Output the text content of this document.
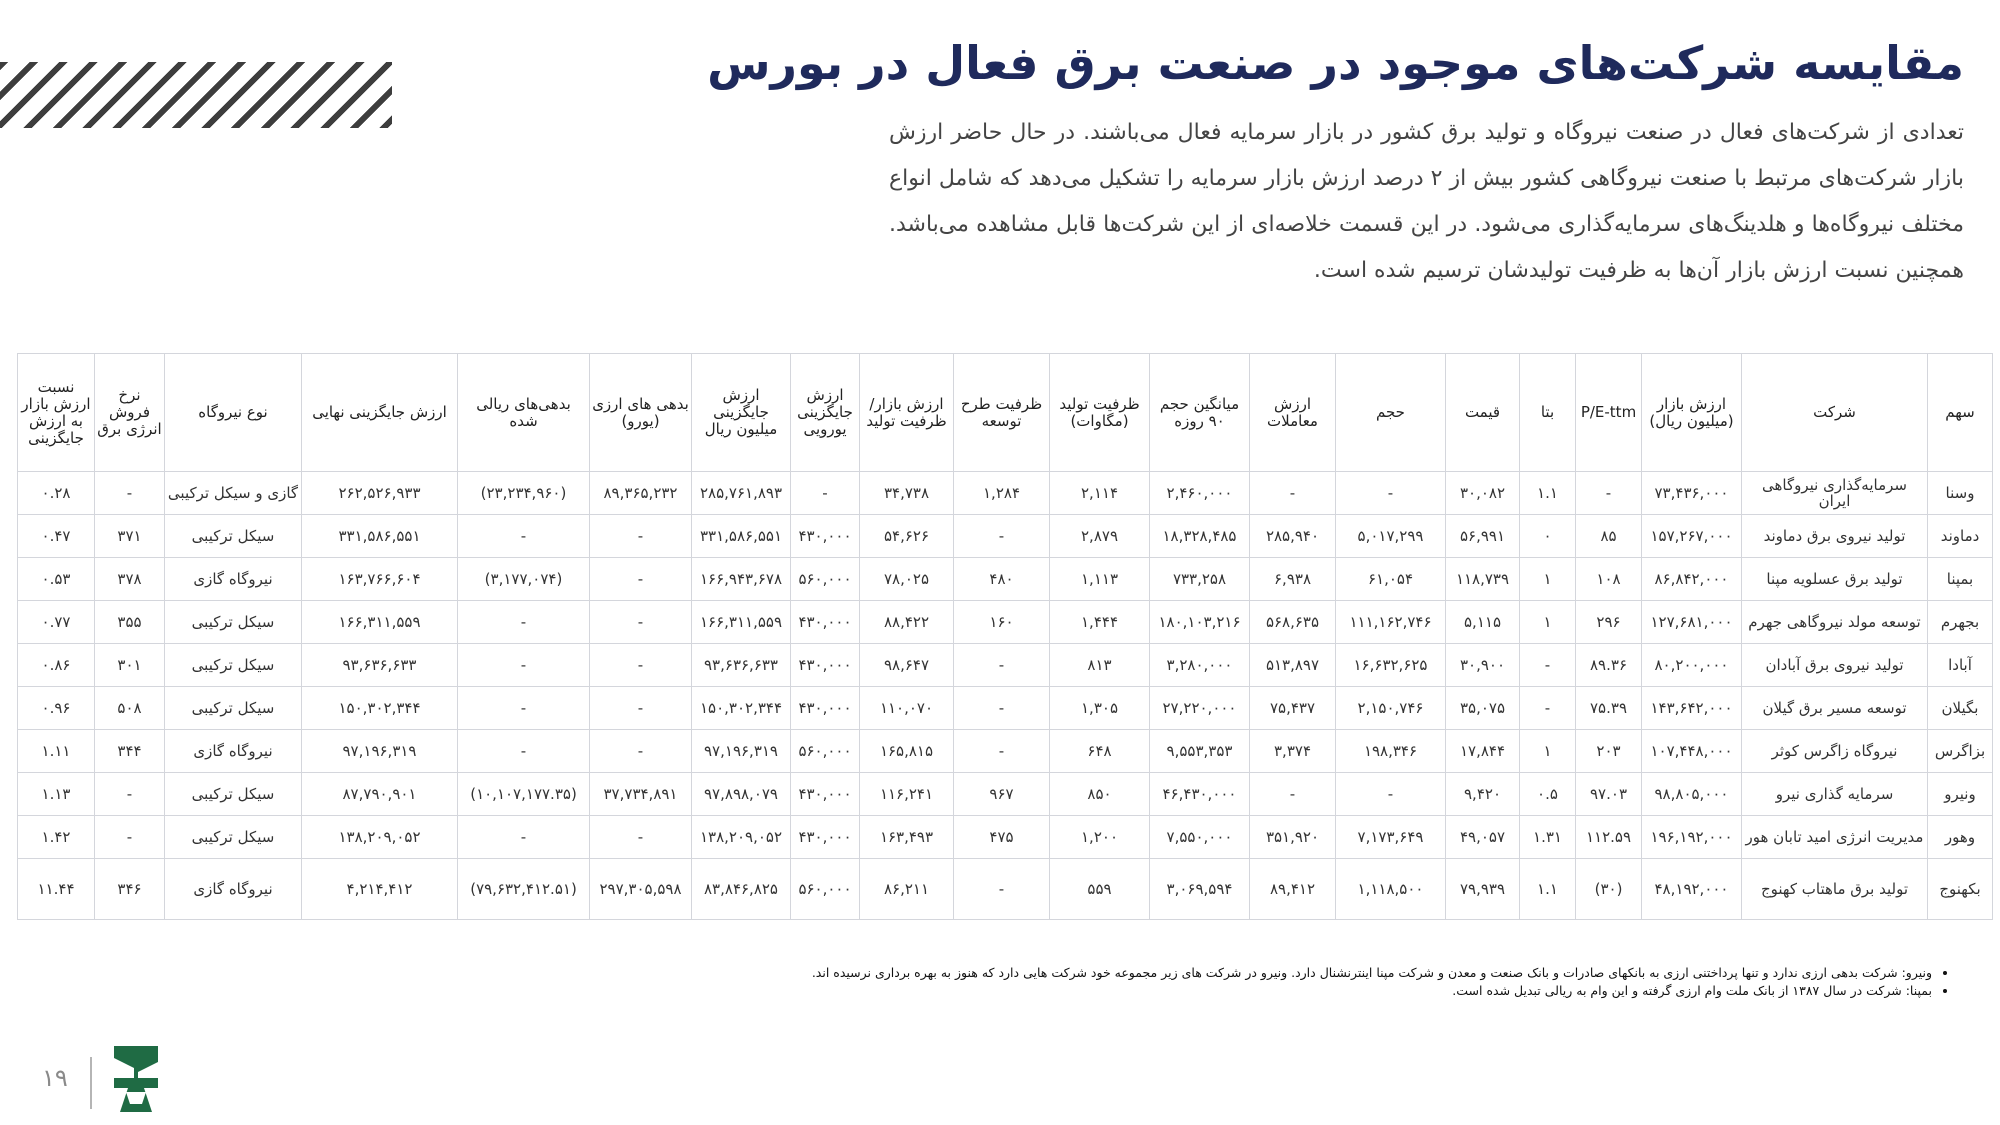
مقایسه شرکت‌های موجود در صنعت برق فعال در بورس

تعدادی از شرکت‌های فعال در صنعت نیروگاه و تولید برق کشور در بازار سرمایه فعال می‌باشند. در حال حاضر ارزش بازار شرکت‌های مرتبط با صنعت نیروگاهی کشور بیش از ۲ درصد ارزش بازار سرمایه را تشکیل می‌دهد که شامل انواع مختلف نیروگاه‌ها و هلدینگ‌های سرمایه‌گذاری می‌شود. در این قسمت خلاصه‌ای از این شرکت‌ها قابل مشاهده می‌باشد. همچنین نسبت ارزش بازار آن‌ها به ظرفیت تولیدشان ترسیم شده است.

سهم	شرکت	ارزش بازار (میلیون ریال)	P/E-ttm	بتا	قیمت	حجم	ارزش معاملات	میانگین حجم ۹۰ روزه	ظرفیت تولید (مگاوات)	ظرفیت طرح توسعه	ارزش بازار/ظرفیت تولید	ارزش جایگزینی یورویی	ارزش جایگزینی میلیون ریال	بدهی های ارزی (یورو)	بدهی‌های ریالی شده	ارزش جایگزینی نهایی	نوع نیروگاه	نرخ فروش انرژی برق	نسبت ارزش بازار به ارزش جایگزینی
وسنا	سرمایه‌گذاری نیروگاهی ایران	۷۳,۴۳۶,۰۰۰	-	۱.۱	۳۰,۰۸۲	-	-	۲,۴۶۰,۰۰۰	۲,۱۱۴	۱,۲۸۴	۳۴,۷۳۸	-	۲۸۵,۷۶۱,۸۹۳	۸۹,۳۶۵,۲۳۲	(۲۳,۲۳۴,۹۶۰)	۲۶۲,۵۲۶,۹۳۳	گازی و سیکل ترکیبی	-	۰.۲۸
دماوند	تولید نیروی برق دماوند	۱۵۷,۲۶۷,۰۰۰	۸۵	۰	۵۶,۹۹۱	۵,۰۱۷,۲۹۹	۲۸۵,۹۴۰	۱۸,۳۲۸,۴۸۵	۲,۸۷۹	-	۵۴,۶۲۶	۴۳۰,۰۰۰	۳۳۱,۵۸۶,۵۵۱	-	-	۳۳۱,۵۸۶,۵۵۱	سیکل ترکیبی	۳۷۱	۰.۴۷
بمپنا	تولید برق عسلویه مپنا	۸۶,۸۴۲,۰۰۰	۱۰۸	۱	۱۱۸,۷۳۹	۶۱,۰۵۴	۶,۹۳۸	۷۳۳,۲۵۸	۱,۱۱۳	۴۸۰	۷۸,۰۲۵	۵۶۰,۰۰۰	۱۶۶,۹۴۳,۶۷۸	-	(۳,۱۷۷,۰۷۴)	۱۶۳,۷۶۶,۶۰۴	نیروگاه گازی	۳۷۸	۰.۵۳
بجهرم	توسعه مولد نیروگاهی جهرم	۱۲۷,۶۸۱,۰۰۰	۲۹۶	۱	۵,۱۱۵	۱۱۱,۱۶۲,۷۴۶	۵۶۸,۶۳۵	۱۸۰,۱۰۳,۲۱۶	۱,۴۴۴	۱۶۰	۸۸,۴۲۲	۴۳۰,۰۰۰	۱۶۶,۳۱۱,۵۵۹	-	-	۱۶۶,۳۱۱,۵۵۹	سیکل ترکیبی	۳۵۵	۰.۷۷
آبادا	تولید نیروی برق آبادان	۸۰,۲۰۰,۰۰۰	۸۹.۳۶	-	۳۰,۹۰۰	۱۶,۶۳۲,۶۲۵	۵۱۳,۸۹۷	۳,۲۸۰,۰۰۰	۸۱۳	-	۹۸,۶۴۷	۴۳۰,۰۰۰	۹۳,۶۳۶,۶۳۳	-	-	۹۳,۶۳۶,۶۳۳	سیکل ترکیبی	۳۰۱	۰.۸۶
بگیلان	توسعه مسیر برق گیلان	۱۴۳,۶۴۲,۰۰۰	۷۵.۳۹	-	۳۵,۰۷۵	۲,۱۵۰,۷۴۶	۷۵,۴۳۷	۲۷,۲۲۰,۰۰۰	۱,۳۰۵	-	۱۱۰,۰۷۰	۴۳۰,۰۰۰	۱۵۰,۳۰۲,۳۴۴	-	-	۱۵۰,۳۰۲,۳۴۴	سیکل ترکیبی	۵۰۸	۰.۹۶
بزاگرس	نیروگاه زاگرس کوثر	۱۰۷,۴۴۸,۰۰۰	۲۰۳	۱	۱۷,۸۴۴	۱۹۸,۳۴۶	۳,۳۷۴	۹,۵۵۳,۳۵۳	۶۴۸	-	۱۶۵,۸۱۵	۵۶۰,۰۰۰	۹۷,۱۹۶,۳۱۹	-	-	۹۷,۱۹۶,۳۱۹	نیروگاه گازی	۳۴۴	۱.۱۱
ونیرو	سرمایه گذاری نیرو	۹۸,۸۰۵,۰۰۰	۹۷.۰۳	۰.۵	۹,۴۲۰	-	-	۴۶,۴۳۰,۰۰۰	۸۵۰	۹۶۷	۱۱۶,۲۴۱	۴۳۰,۰۰۰	۹۷,۸۹۸,۰۷۹	۳۷,۷۳۴,۸۹۱	(۱۰,۱۰۷,۱۷۷.۳۵)	۸۷,۷۹۰,۹۰۱	سیکل ترکیبی	-	۱.۱۳
وهور	مدیریت انرژی امید تابان هور	۱۹۶,۱۹۲,۰۰۰	۱۱۲.۵۹	۱.۳۱	۴۹,۰۵۷	۷,۱۷۳,۶۴۹	۳۵۱,۹۲۰	۷,۵۵۰,۰۰۰	۱,۲۰۰	۴۷۵	۱۶۳,۴۹۳	۴۳۰,۰۰۰	۱۳۸,۲۰۹,۰۵۲	-	-	۱۳۸,۲۰۹,۰۵۲	سیکل ترکیبی	-	۱.۴۲
بکهنوج	تولید برق ماهتاب کهنوج	۴۸,۱۹۲,۰۰۰	(۳۰)	۱.۱	۷۹,۹۳۹	۱,۱۱۸,۵۰۰	۸۹,۴۱۲	۳,۰۶۹,۵۹۴	۵۵۹	-	۸۶,۲۱۱	۵۶۰,۰۰۰	۸۳,۸۴۶,۸۲۵	۲۹۷,۳۰۵,۵۹۸	(۷۹,۶۳۲,۴۱۲.۵۱)	۴,۲۱۴,۴۱۲	نیروگاه گازی	۳۴۶	۱۱.۴۴
• ونیرو: شرکت بدهی ارزی ندارد و تنها پرداختنی ارزی به بانکهای صادرات و بانک صنعت و معدن و شرکت مپنا اینترنشنال دارد. ونیرو در شرکت های زیر مجموعه خود شرکت هایی دارد که هنوز به بهره برداری نرسیده اند.
• بمپنا: شرکت در سال ۱۳۸۷ از بانک ملت وام ارزی گرفته و این وام به ریالی تبدیل شده است.
۱۹
